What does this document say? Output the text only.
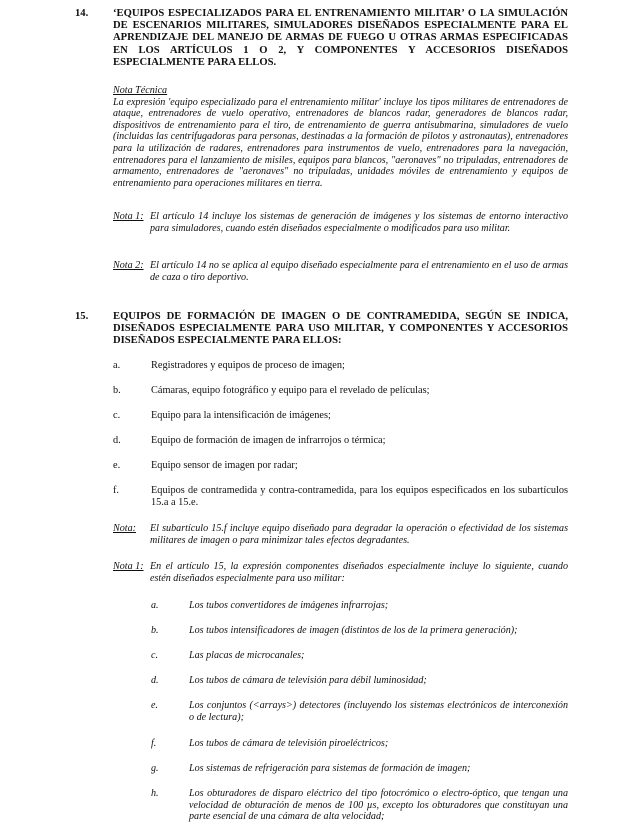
14. ‘EQUIPOS ESPECIALIZADOS PARA EL ENTRENAMIENTO MILITAR’ O LA SIMULACIÓN DE ESCENARIOS MILITARES, SIMULADORES DISEÑADOS ESPECIALMENTE PARA EL APRENDIZAJE DEL MANEJO DE ARMAS DE FUEGO U OTRAS ARMAS ESPECIFICADAS EN LOS ARTÍCULOS 1 O 2, Y COMPONENTES Y ACCESORIOS DISEÑADOS ESPECIALMENTE PARA ELLOS.
Nota Técnica
La expresión 'equipo especializado para el entrenamiento militar' incluye los tipos militares de entrenadores de ataque, entrenadores de vuelo operativo, entrenadores de blancos radar, generadores de blancos radar, dispositivos de entrenamiento para el tiro, de entrenamiento de guerra antisubmarina, simuladores de vuelo (incluidas las centrifugadoras para personas, destinadas a la formación de pilotos y astronautas), entrenadores para la utilización de radares, entrenadores para instrumentos de vuelo, entrenadores para la navegación, entrenadores para el lanzamiento de misiles, equipos para blancos, "aeronaves" no tripuladas, entrenadores de armamento, entrenadores de "aeronaves" no tripuladas, unidades móviles de entrenamiento y equipos de entrenamiento para operaciones militares en tierra.
Nota 1: El artículo 14 incluye los sistemas de generación de imágenes y los sistemas de entorno interactivo para simuladores, cuando estén diseñados especialmente o modificados para uso militar.
Nota 2: El artículo 14 no se aplica al equipo diseñado especialmente para el entrenamiento en el uso de armas de caza o tiro deportivo.
15. EQUIPOS DE FORMACIÓN DE IMAGEN O DE CONTRAMEDIDA, SEGÚN SE INDICA, DISEÑADOS ESPECIALMENTE PARA USO MILITAR, Y COMPONENTES Y ACCESORIOS DISEÑADOS ESPECIALMENTE PARA ELLOS:
a.	Registradores y equipos de proceso de imagen;
b.	Cámaras, equipo fotográfico y equipo para el revelado de películas;
c.	Equipo para la intensificación de imágenes;
d.	Equipo de formación de imagen de infrarrojos o térmica;
e.	Equipo sensor de imagen por radar;
f.	Equipos de contramedida y contra-contramedida, para los equipos especificados en los subartículos 15.a a 15.e.
Nota: El subartículo 15.f incluye equipo diseñado para degradar la operación o efectividad de los sistemas militares de imagen o para minimizar tales efectos degradantes.
Nota 1: En el artículo 15, la expresión componentes diseñados especialmente incluye lo siguiente, cuando estén diseñados especialmente para uso militar:
a.	Los tubos convertidores de imágenes infrarrojas;
b.	Los tubos intensificadores de imagen (distintos de los de la primera generación);
c.	Las placas de microcanales;
d.	Los tubos de cámara de televisión para débil luminosidad;
e.	Los conjuntos (<arrays>) detectores (incluyendo los sistemas electrónicos de interconexión o de lectura);
f.	Los tubos de cámara de televisión piroeléctricos;
g.	Los sistemas de refrigeración para sistemas de formación de imagen;
h.	Los obturadores de disparo eléctrico del tipo fotocrómico o electro-óptico, que tengan una velocidad de obturación de menos de 100 µs, excepto los obturadores que constituyan una parte esencial de una cámara de alta velocidad;
